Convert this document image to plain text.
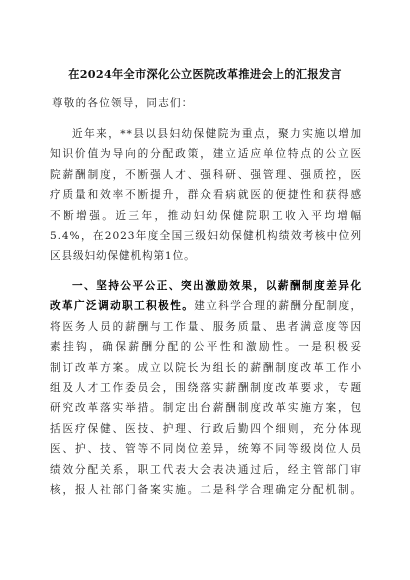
在2024年全市深化公立医院改革推进会上的汇报发言
尊敬的各位领导，同志们：
近年来，**县以县妇幼保健院为重点，聚力实施以增加
知识价值为导向的分配政策，建立适应单位特点的公立医
院薪酬制度，不断强人才、强科研、强管理、强质控，医
疗质量和效率不断提升，群众看病就医的便捷性和获得感
不断增强。近三年，推动妇幼保健院职工收入平均增幅
5.4%，在2023年度全国三级妇幼保健机构绩效考核中位列
区县级妇幼保健机构第1位。
一、坚持公平公正、突出激励效果，以薪酬制度差异化
改革广泛调动职工积极性。建立科学合理的薪酬分配制度，
将医务人员的薪酬与工作量、服务质量、患者满意度等因
素挂钩，确保薪酬分配的公平性和激励性。一是积极妥
制订改革方案。成立以院长为组长的薪酬制度改革工作小
组及人才工作委员会，围绕落实薪酬制度改革要求，专题
研究改革落实举措。制定出台薪酬制度改革实施方案，包
括医疗保健、医技、护理、行政后勤四个细则，充分体现
医、护、技、管等不同岗位差异，统筹不同等级岗位人员
绩效分配关系，职工代表大会表决通过后，经主管部门审
核，报人社部门备案实施。二是科学合理确定分配机制。
